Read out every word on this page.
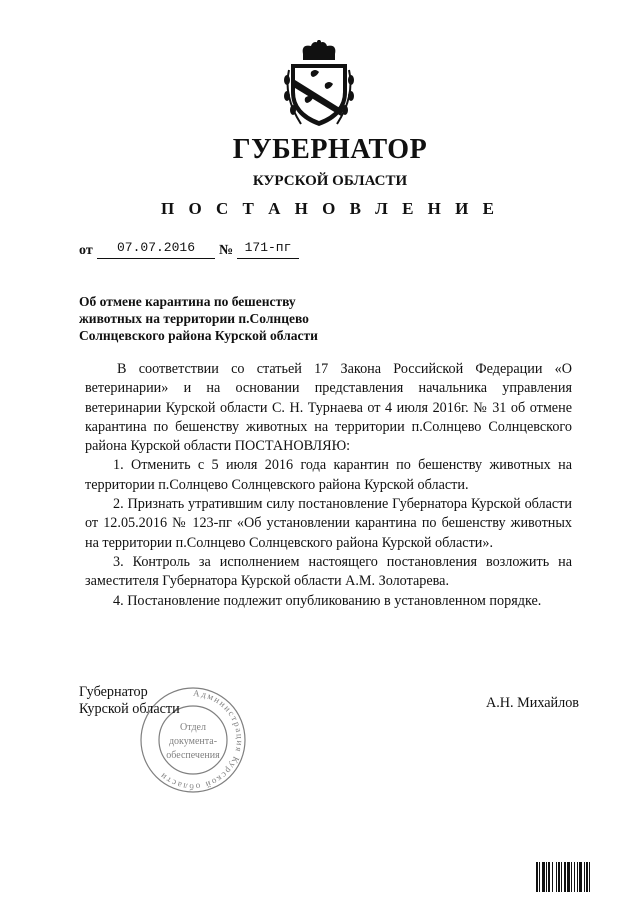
ГУБЕРНАТОР
КУРСКОЙ ОБЛАСТИ
П О С Т А Н О В Л Е Н И Е
от	07.07.2016	№ 171-пг
Об отмене карантина по бешенству
животных на территории п.Солнцево
Солнцевского района Курской области

В соответствии со статьей 17 Закона Российской Федерации «О ветеринарии» и на основании представления начальника управления ветеринарии Курской области С. Н. Турнаева от 4 июля 2016г. № 31 об отмене карантина по бешенству животных на территории п.Солнцево Солнцевского района Курской области ПОСТАНОВЛЯЮ:

1. Отменить с 5 июля 2016 года карантин по бешенству животных на территории п.Солнцево Солнцевского района Курской области.

2. Признать утратившим силу постановление Губернатора Курской области от 12.05.2016 № 123-пг «Об установлении карантина по бешенству животных на территории п.Солнцево Солнцевского района Курской области».

3. Контроль за исполнением настоящего постановления возложить на заместителя Губернатора Курской области А.М. Золотарева.

4. Постановление подлежит опубликованию в установленном порядке.

Администрация Курской области
Отдел
документа-
обеспечения
Губернатор
Курской области	А.Н. Михайлов
